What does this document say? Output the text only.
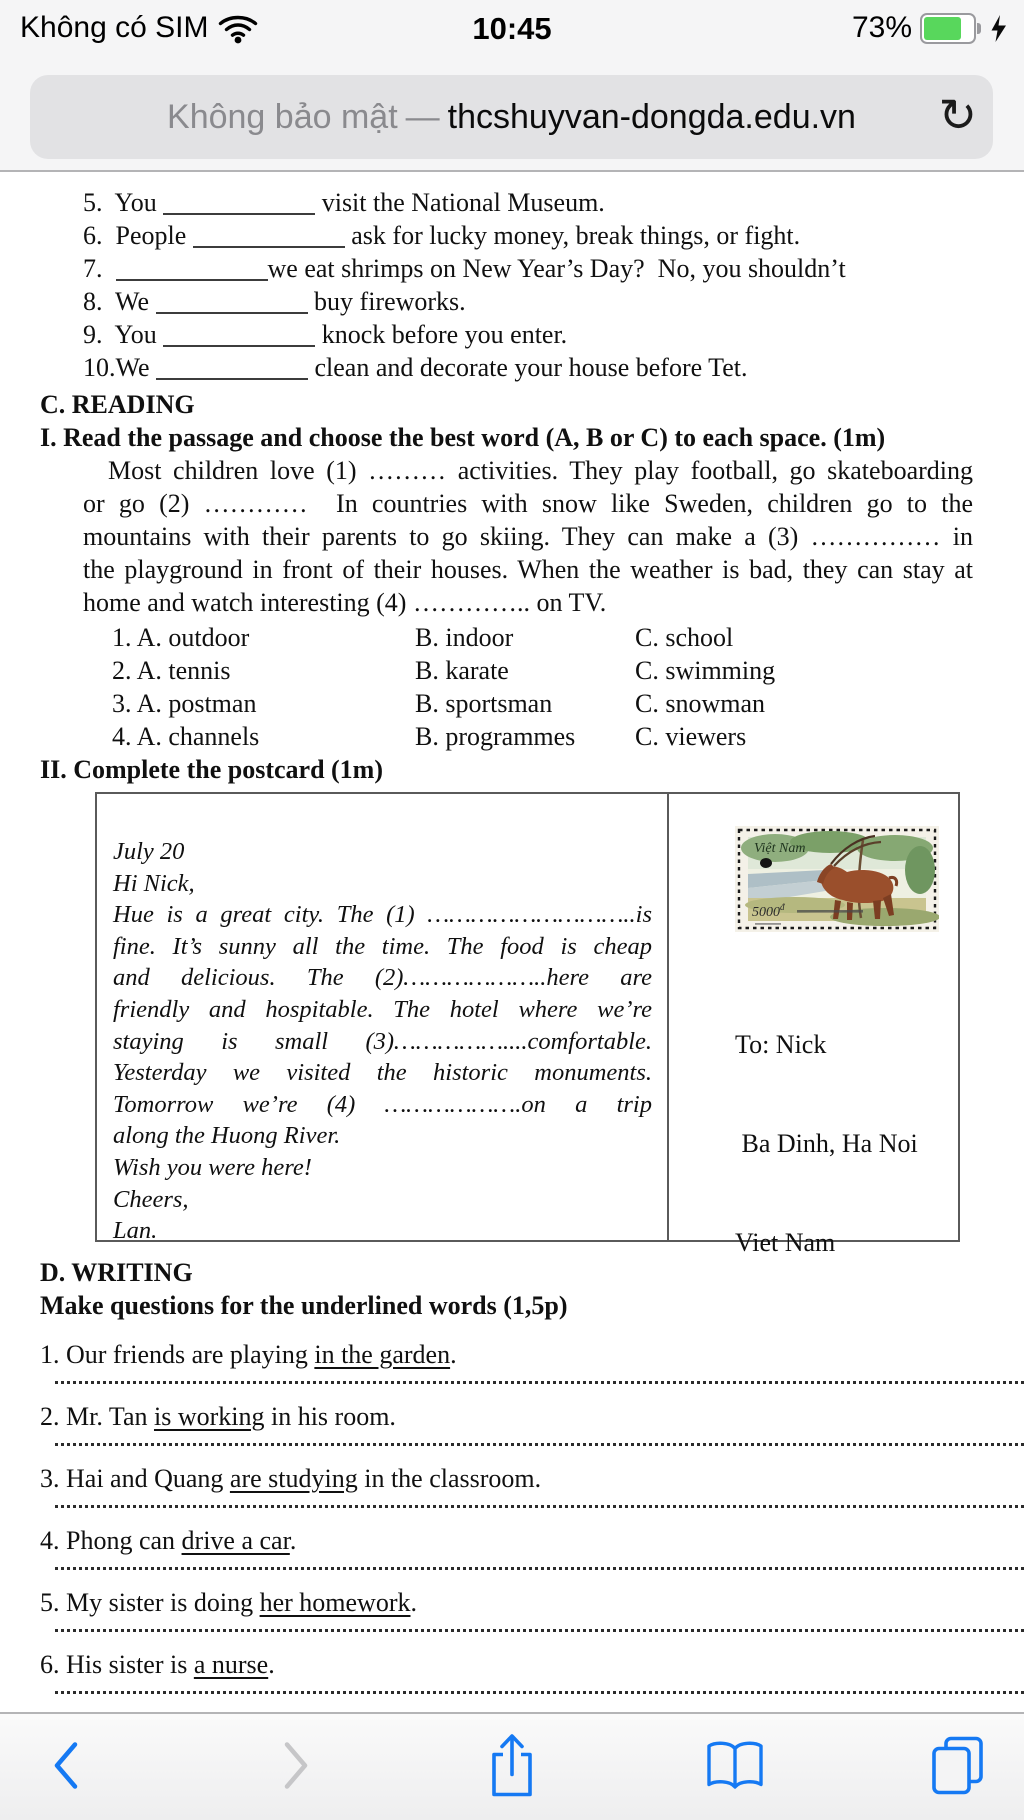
Không có SIM	10:45	73%
Không bảo mật — thcshuyvan-dongda.edu.vn ↻
5.  You	visit the National Museum.
6.  People	ask for lucky money, break things, or fight.
7.	we eat shrimps on New Year’s Day?  No, you shouldn’t
8.  We	buy fireworks.
9.  You	knock before you enter.
10.We	clean and decorate your house before Tet.
C. READING
I. Read the passage and choose the best word (A, B or C) to each space. (1m)
Most children love (1) ……… activities. They play football, go skateboarding
or go (2) …………  In countries with snow like Sweden, children go to the
mountains with their parents to go skiing. They can make a (3) …………… in
the playground in front of their houses. When the weather is bad, they can stay at
home and watch interesting (4) ………….. on TV.
1. A. outdoor	B. indoor	C. school
2. A. tennis	B. karate	C. swimming
3. A. postman	B. sportsman	C. snowman
4. A. channels	B. programmes	C. viewers
II. Complete the postcard (1m)
July 20
Hi Nick,
Hue is a great city. The (1) ………………………..is
fine. It’s sunny all the time. The food is cheap
and delicious. The (2)………………..here are
friendly and hospitable. The hotel where we’re
staying is small (3)……………....comfortable.
Yesterday we visited the historic monuments.
Tomorrow we’re (4) ……………….on a trip
along the Huong River.
Wish you were here!
Cheers,
Lan.
Việt Nam
$5000^đ$

To: Nick

Ba Dinh, Ha Noi

Viet Nam

D. WRITING
Make questions for the underlined words (1,5p)
1. Our friends are playing in the garden.
2. Mr. Tan is working in his room.
3. Hai and Quang are studying in the classroom.
4. Phong can drive a car.
5. My sister is doing her homework.
6. His sister is a nurse.
